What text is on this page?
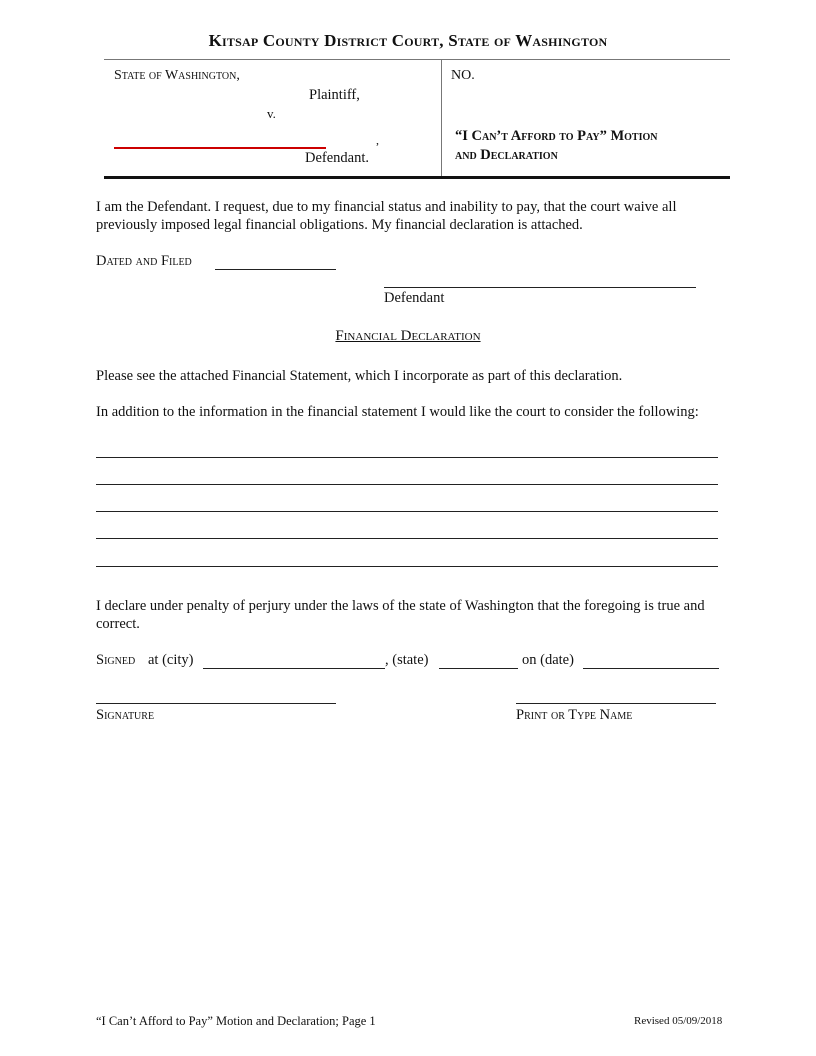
Kitsap County District Court, State of Washington
State of Washington,
Plaintiff,
v.
,
Defendant.
NO.
“I Can’t Afford to Pay” Motion
and Declaration
I am the Defendant. I request, due to my financial status and inability to pay, that the court waive all previously imposed legal financial obligations. My financial declaration is attached.
Dated and Filed
Defendant
Financial Declaration
Please see the attached Financial Statement, which I incorporate as part of this declaration.
In addition to the information in the financial statement I would like the court to consider the following:
I declare under penalty of perjury under the laws of the state of Washington that the foregoing is true and correct.
Signed at (city)	, (state)	on (date)
Signature	Print or Type Name
“I Can’t Afford to Pay” Motion and Declaration; Page 1	Revised 05/09/2018
